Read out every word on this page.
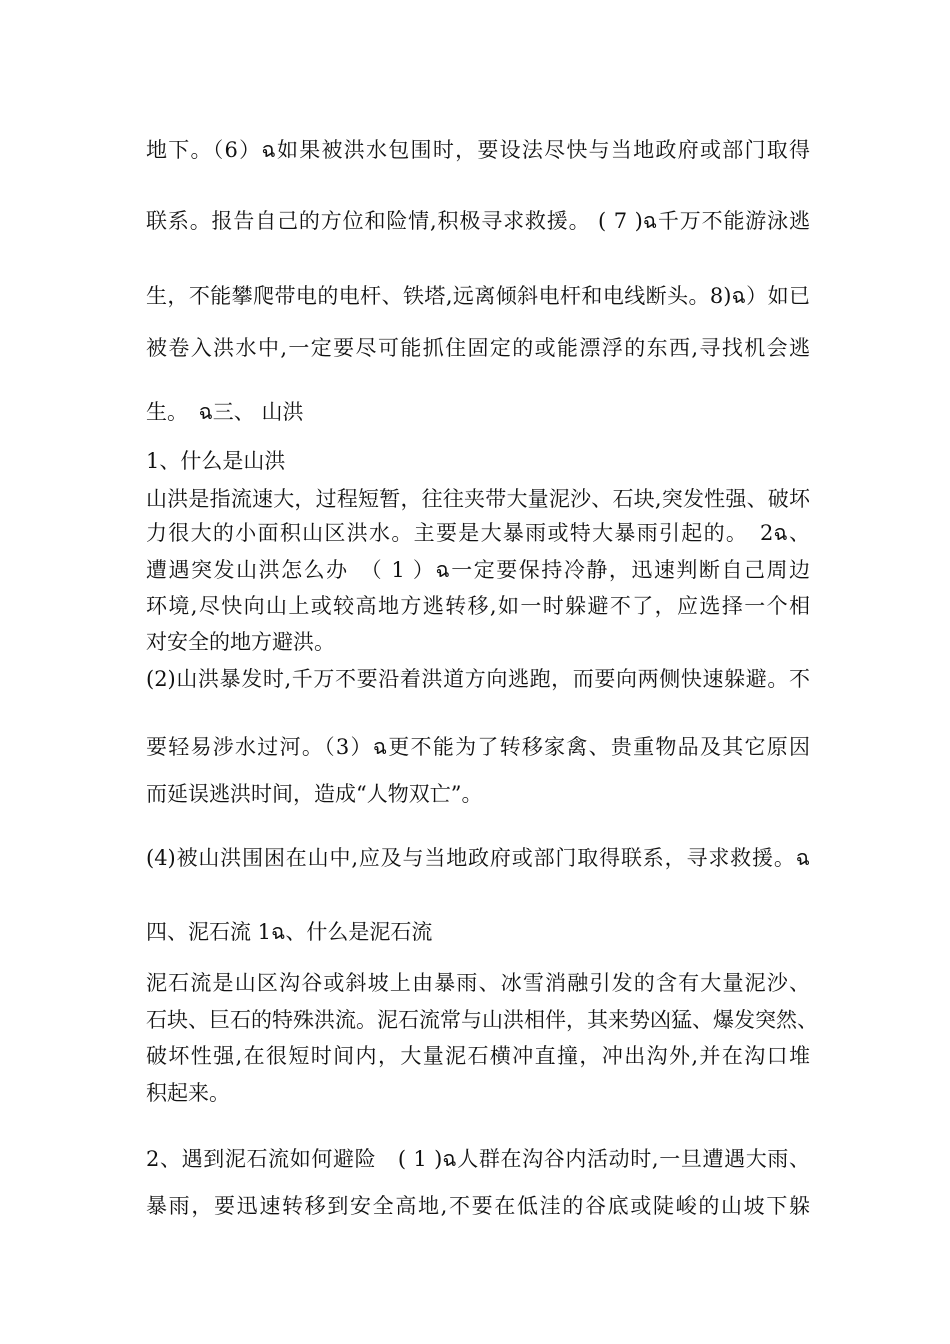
地下。（6）ฉ如果被洪水包围时，要设法尽快与当地政府或部门取得
联系。报告自己的方位和险情,积极寻求救援。 ( 7 )ฉ千万不能游泳逃
生，不能攀爬带电的电杆、铁塔,远离倾斜电杆和电线断头。8)ฉ）如已
被卷入洪水中,一定要尽可能抓住固定的或能漂浮的东西,寻找机会逃
生。　ฉ三、 山洪
1、什么是山洪
山洪是指流速大，过程短暂，往往夹带大量泥沙、石块,突发性强、破坏
力很大的小面积山区洪水。主要是大暴雨或特大暴雨引起的。　2ฉ、
遭遇突发山洪怎么办　（ 1 ）ฉ一定要保持冷静，迅速判断自己周边
环境,尽快向山上或较高地方逃转移,如一时躲避不了，应选择一个相
对安全的地方避洪。
(2)山洪暴发时,千万不要沿着洪道方向逃跑，而要向两侧快速躲避。不
要轻易涉水过河。（3）ฉ更不能为了转移家禽、贵重物品及其它原因
而延误逃洪时间，造成“人物双亡”。
(4)被山洪围困在山中,应及与当地政府或部门取得联系，寻求救援。ฉ
四、泥石流 1ฉ、什么是泥石流
泥石流是山区沟谷或斜坡上由暴雨、冰雪消融引发的含有大量泥沙、
石块、巨石的特殊洪流。泥石流常与山洪相伴，其来势凶猛、爆发突然、
破坏性强,在很短时间内，大量泥石横冲直撞，冲出沟外,并在沟口堆
积起来。
2、遇到泥石流如何避险　( 1 )ฉ人群在沟谷内活动时,一旦遭遇大雨、
暴雨，要迅速转移到安全高地,不要在低洼的谷底或陡峻的山坡下躲
